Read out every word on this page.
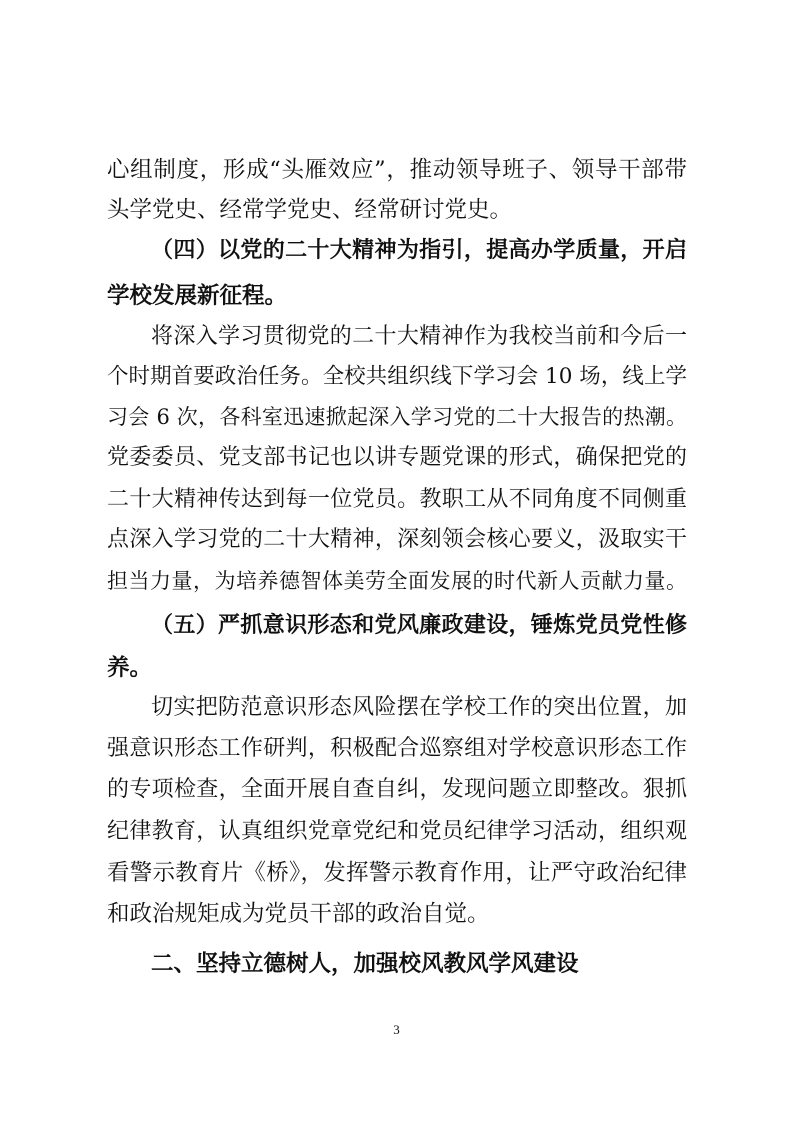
心组制度，形成“头雁效应”，推动领导班子、领导干部带
头学党史、经常学党史、经常研讨党史。
（四）以党的二十大精神为指引，提高办学质量，开启
学校发展新征程。
将深入学习贯彻党的二十大精神作为我校当前和今后一
个时期首要政治任务。全校共组织线下学习会 10 场，线上学
习会 6 次，各科室迅速掀起深入学习党的二十大报告的热潮。
党委委员、党支部书记也以讲专题党课的形式，确保把党的
二十大精神传达到每一位党员。教职工从不同角度不同侧重
点深入学习党的二十大精神，深刻领会核心要义，汲取实干
担当力量，为培养德智体美劳全面发展的时代新人贡献力量。
（五）严抓意识形态和党风廉政建设，锤炼党员党性修
养。
切实把防范意识形态风险摆在学校工作的突出位置，加
强意识形态工作研判，积极配合巡察组对学校意识形态工作
的专项检查，全面开展自查自纠，发现问题立即整改。狠抓
纪律教育，认真组织党章党纪和党员纪律学习活动，组织观
看警示教育片《桥》，发挥警示教育作用，让严守政治纪律
和政治规矩成为党员干部的政治自觉。
二、坚持立德树人，加强校风教风学风建设
3
